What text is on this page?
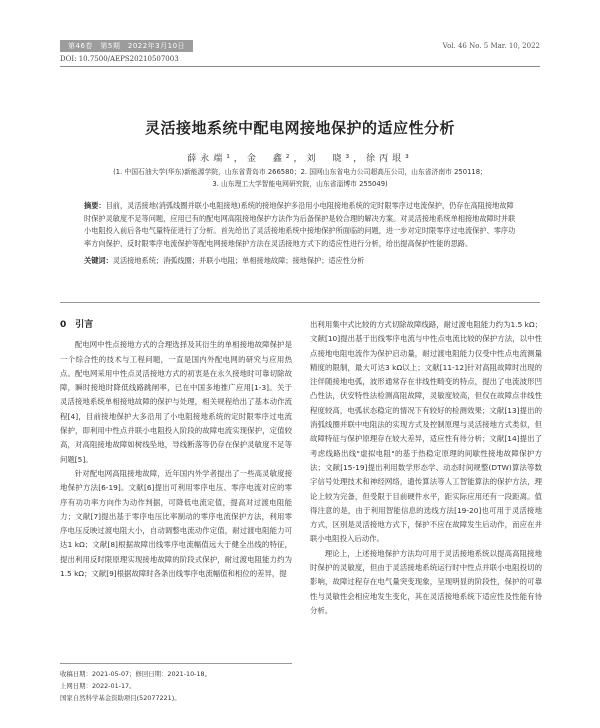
第46卷　第5期　2022年3月10日	Vol. 46 No. 5 Mar. 10, 2022
DOI: 10.7500/AEPS20210507003
灵活接地系统中配电网接地保护的适应性分析
薛永端¹，金　鑫²，刘　晓³，徐丙垠³
(1. 中国石油大学(华东)新能源学院，山东省青岛市 266580；2. 国网山东省电力公司超高压公司，山东省济南市 250118；
3. 山东理工大学智能电网研究院，山东省淄博市 255049)
摘要：目前，灵活接地(消弧线圈并联小电阻接地)系统的接地保护多沿用小电阻接地系统的定时限零序过电流保护，仍存在高阻接地故障时保护灵敏度不足等问题，应用已有的配电网高阻接地保护方法作为后备保护是较合理的解决方案。对灵活接地系统单相接地故障时并联小电阻投入前后各电气量特征进行了分析。首先给出了灵活接地系统中接地保护所面临的问题，进一步对定时限零序过电流保护、零序功率方向保护、反时限零序电流保护等配电网接地保护方法在灵活接地方式下的适应性进行分析，给出提高保护性能的思路。
关键词：灵活接地系统；消弧线圈；并联小电阻；单相接地故障；接地保护；适应性分析
0　引言

配电网中性点接地方式的合理选择及其衍生的单相接地故障保护是一个综合性的技术与工程问题，一直是国内外配电网的研究与应用热点。配电网采用中性点灵活接地方式的初衷是在永久接地时可靠切除故障，瞬时接地时降低线路跳闸率，已在中国多地推广应用[1-3]。关于灵活接地系统单相接地故障的保护与处理，相关规程给出了基本动作流程[4]，目前接地保护大多沿用了小电阻接地系统的定时限零序过电流保护，即利用中性点并联小电阻投入阶段的故障电流实现保护，定值较高，对高阻接地故障如树线坠地，导线断落等仍存在保护灵敏度不足等问题[5]。

针对配电网高阻接地故障，近年国内外学者提出了一些高灵敏度接地保护方法[6-19]。文献[6]提出可利用零序电压、零序电流对应的零序有功功率方向作为动作判据，可降低电流定值，提高对过渡电阻能力；文献[7]提出基于零序电压比率制动的零序电流保护方法，利用零序电压反映过渡电阻大小，自动调整电流动作定值，耐过渡电阻能力可达1 kΩ；文献[8]根据故障出线零序电流幅值远大于健全出线的特征，提出利用反时限原理实现接地故障的阶段式保护，耐过渡电阻能力约为1.5 kΩ；文献[9]根据故障时各条出线零序电流幅值和相位的差异，提

出利用集中式比较的方式切除故障线路，耐过渡电阻能力约为1.5 kΩ；文献[10]提出基于出线零序电流与中性点电流比较的保护方法，以中性点接地电阻电流作为保护启动量，耐过渡电阻能力仅受中性点电流测量精度的限制，最大可达3 kΩ以上；文献[11-12]针对高阻故障时出现的注伴随接地电弧，波形通常存在非线性畸变的特点，提出了电流波形凹凸性法，伏安特性法检测高阻故障，灵敏度较高，但仅在故障点非线性程度较高，电弧状态稳定的情况下有较好的检测效果；文献[13]提出的消弧线圈并联中电阻法的实现方式及控制原理与灵活接地方式类似，但故障特征与保护原理存在较大差异，适应性有待分析；文献[14]提出了考虑线路出线"虚拟电阻"的基于热稳定原理的间歇性接地故障保护方法；文献[15-19]提出利用数学形态学、动态时间规整(DTW)算法等数字信号处理技术和神经网络，遗传算法等人工智能算法的保护方法，理论上较为完备，但受限于目前硬件水平，距实际应用还有一段距离。值得注意的是，由于利用智能信息的选线方法[19-20]也可用于灵活接地方式，区别是灵活接地方式下，保护不应在故障发生后动作，而应在并联小电阻投入后动作。

理论上，上述接地保护方法均可用于灵活接地系统以提高高阻接地时保护的灵敏度，但由于灵活接地系统运行时中性点并联小电阻投切的影响，故障过程存在电气量突变现象，呈现明显的阶段性，保护的可靠性与灵敏性会相应地发生变化，其在灵活接地系统下适应性及性能有待分析。

收稿日期：2021-05-07；修回日期：2021-10-18。
上网日期：2022-01-17。
国家自然科学基金资助项目(52077221)。
